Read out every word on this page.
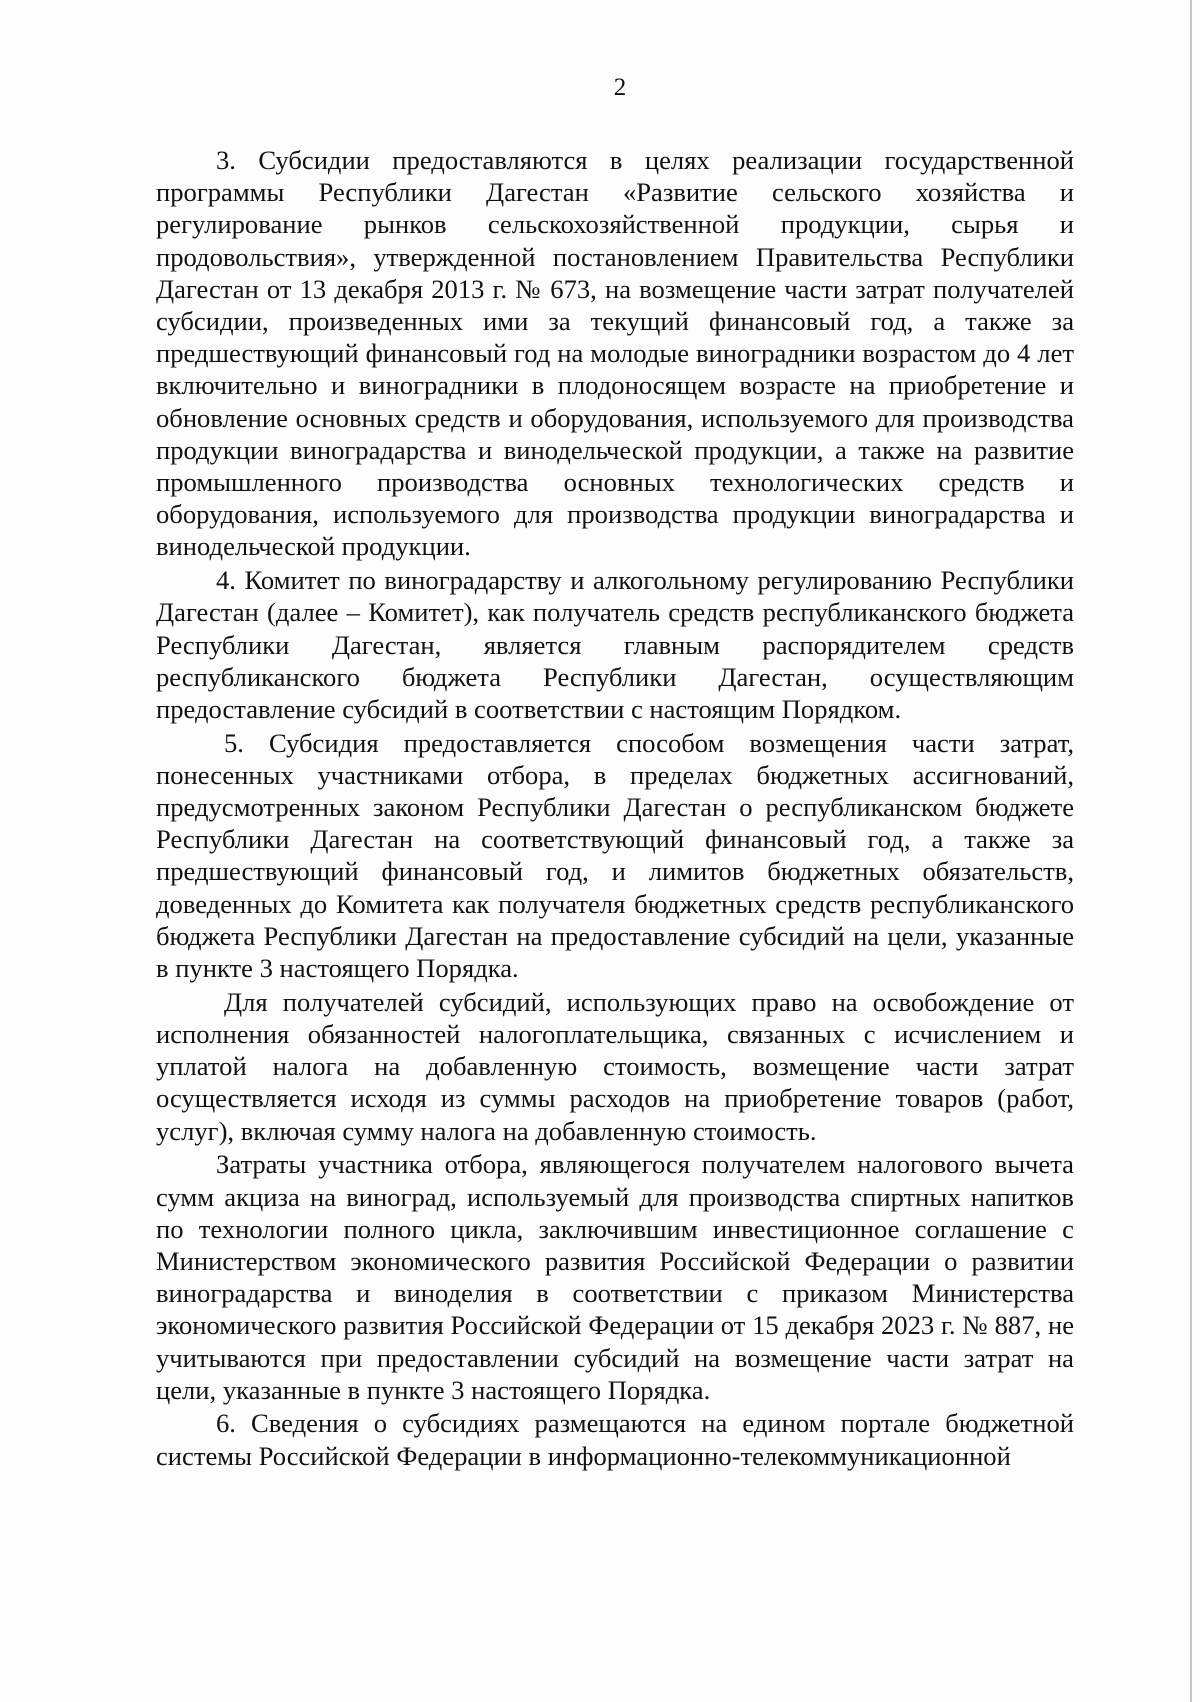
2

3. Субсидии предоставляются в целях реализации государственной программы Республики Дагестан «Развитие сельского хозяйства и регулирование рынков сельскохозяйственной продукции, сырья и продовольствия», утвержденной постановлением Правительства Республики Дагестан от 13 декабря 2013 г. № 673, на возмещение части затрат получателей субсидии, произведенных ими за текущий финансовый год, а также за предшествующий финансовый год на молодые виноградники возрастом до 4 лет включительно и виноградники в плодоносящем возрасте на приобретение и обновление основных средств и оборудования, используемого для производства продукции виноградарства и винодельческой продукции, а также на развитие промышленного производства основных технологических средств и оборудования, используемого для производства продукции виноградарства и винодельческой продукции.

4. Комитет по виноградарству и алкогольному регулированию Республики Дагестан (далее – Комитет), как получатель средств республиканского бюджета Республики Дагестан, является главным распорядителем средств республиканского бюджета Республики Дагестан, осуществляющим предоставление субсидий в соответствии с настоящим Порядком.

5. Субсидия предоставляется способом возмещения части затрат, понесенных участниками отбора, в пределах бюджетных ассигнований, предусмотренных законом Республики Дагестан о республиканском бюджете Республики Дагестан на соответствующий финансовый год, а также за предшествующий финансовый год, и лимитов бюджетных обязательств, доведенных до Комитета как получателя бюджетных средств республиканского бюджета Республики Дагестан на предоставление субсидий на цели, указанные в пункте 3 настоящего Порядка.

Для получателей субсидий, использующих право на освобождение от исполнения обязанностей налогоплательщика, связанных с исчислением и уплатой налога на добавленную стоимость, возмещение части затрат осуществляется исходя из суммы расходов на приобретение товаров (работ, услуг), включая сумму налога на добавленную стоимость.

Затраты участника отбора, являющегося получателем налогового вычета сумм акциза на виноград, используемый для производства спиртных напитков по технологии полного цикла, заключившим инвестиционное соглашение с Министерством экономического развития Российской Федерации о развитии виноградарства и виноделия в соответствии с приказом Министерства экономического развития Российской Федерации от 15 декабря 2023 г. № 887, не учитываются при предоставлении субсидий на возмещение части затрат на цели, указанные в пункте 3 настоящего Порядка.

6. Сведения о субсидиях размещаются на едином портале бюджетной системы Российской Федерации в информационно-телекоммуникационной
